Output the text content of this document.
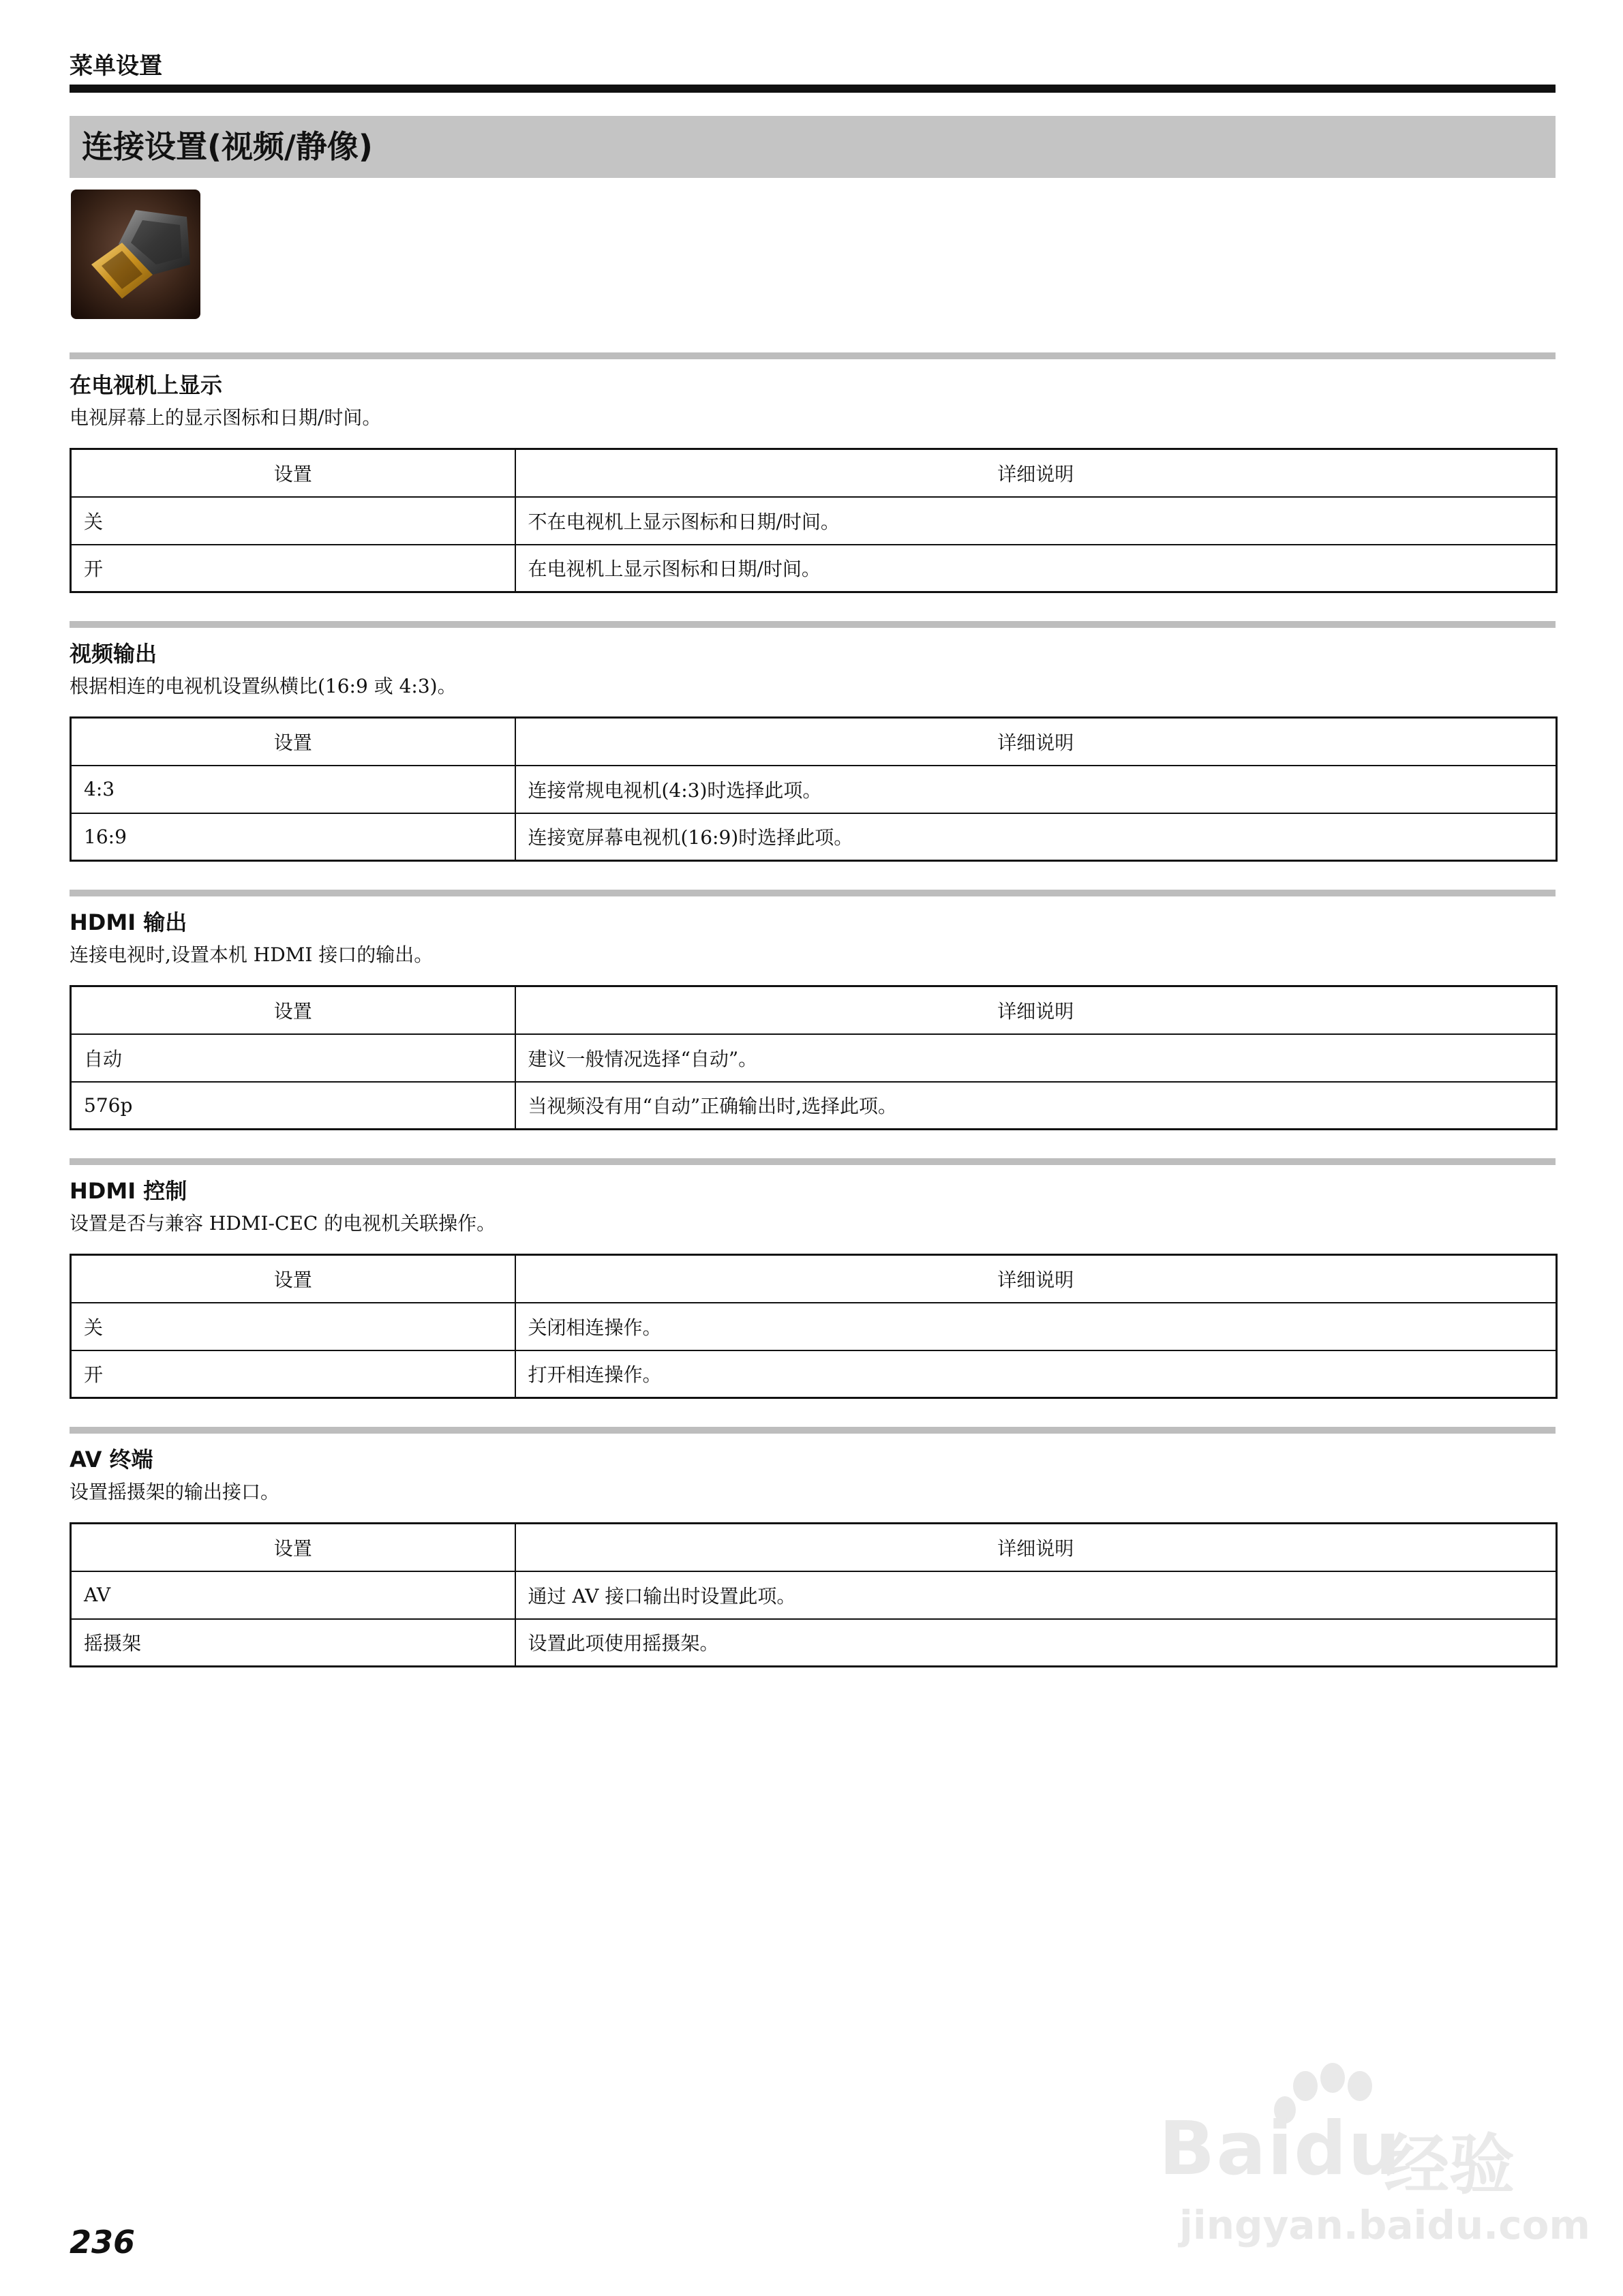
菜单设置
连接设置(视频/静像)
在电视机上显示
电视屏幕上的显示图标和日期/时间。
设置	详细说明
关	不在电视机上显示图标和日期/时间。
开	在电视机上显示图标和日期/时间。
视频输出
根据相连的电视机设置纵横比(16:9 或 4:3)。
设置	详细说明
4:3	连接常规电视机(4:3)时选择此项。
16:9	连接宽屏幕电视机(16:9)时选择此项。
HDMI 输出
连接电视时,设置本机 HDMI 接口的输出。
设置	详细说明
自动	建议一般情况选择“自动”。
576p	当视频没有用“自动”正确输出时,选择此项。
HDMI 控制
设置是否与兼容 HDMI-CEC 的电视机关联操作。
设置	详细说明
关	关闭相连操作。
开	打开相连操作。
AV 终端
设置摇摄架的输出接口。
设置	详细说明
AV	通过 AV 接口输出时设置此项。
摇摄架	设置此项使用摇摄架。
236
Baidu
经验
jingyan.baidu.com
